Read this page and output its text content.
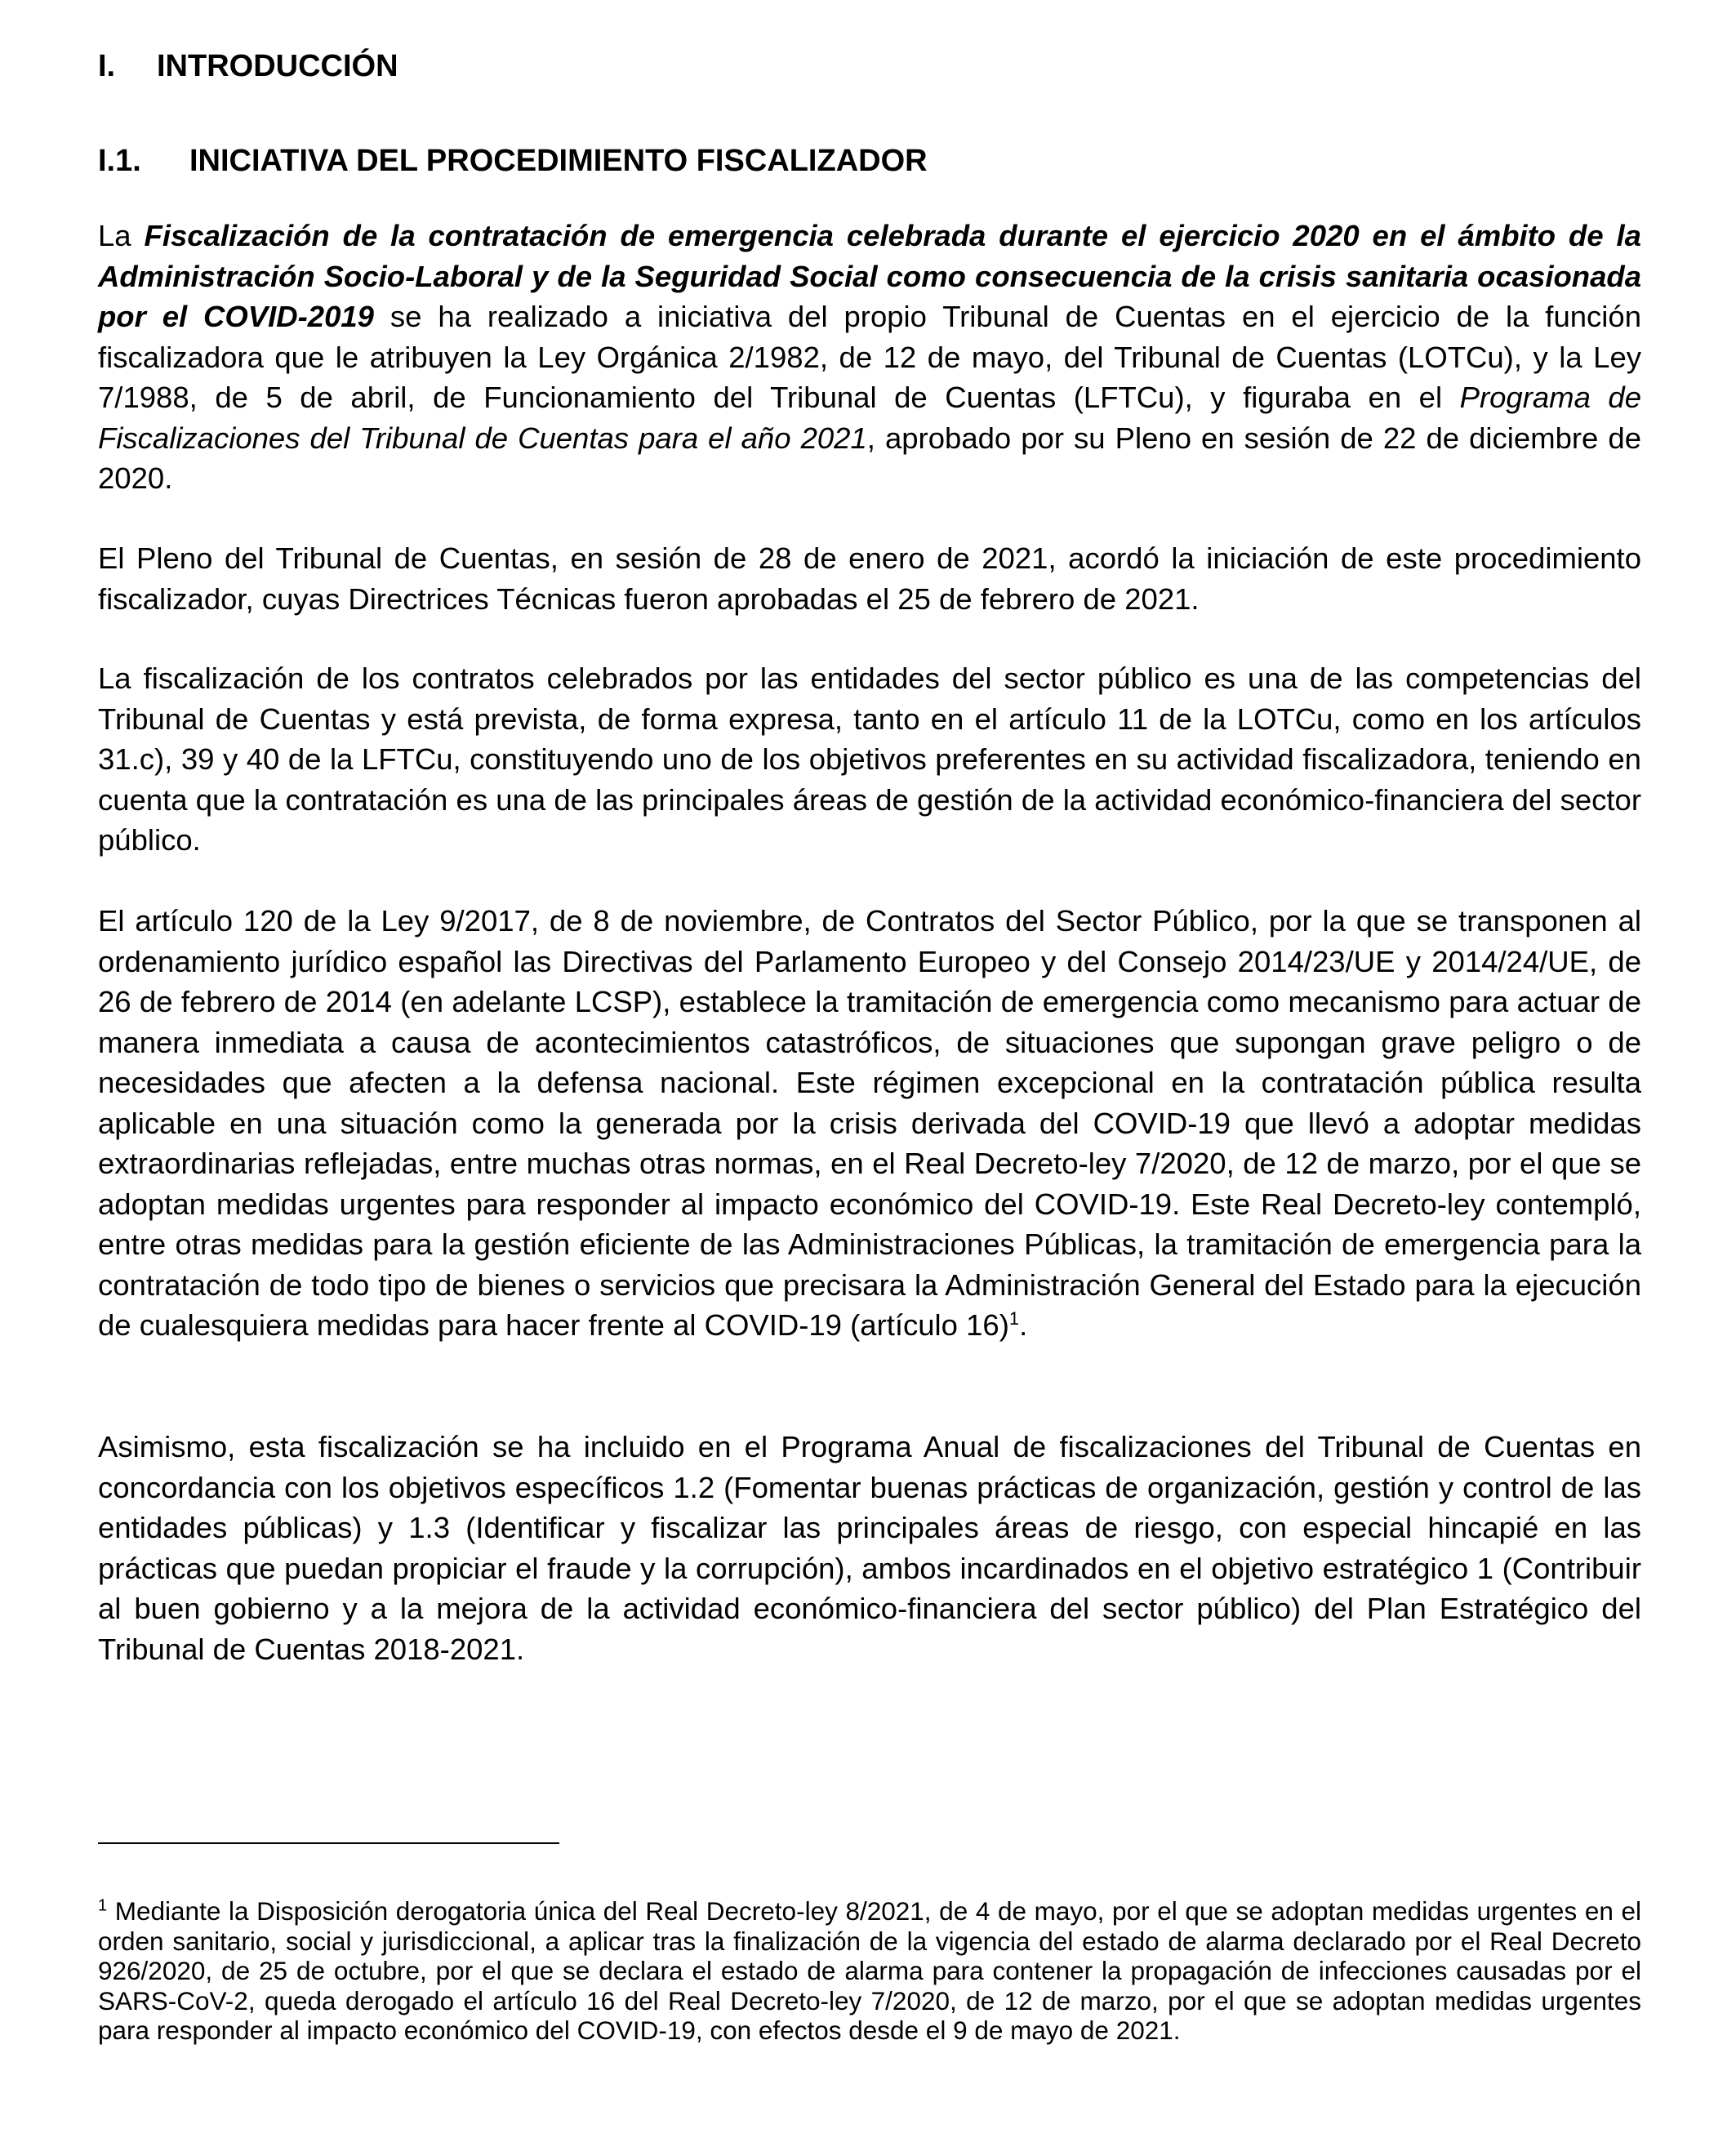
I. INTRODUCCIÓN
I.1. INICIATIVA DEL PROCEDIMIENTO FISCALIZADOR

La Fiscalización de la contratación de emergencia celebrada durante el ejercicio 2020 en el ámbito de la Administración Socio-Laboral y de la Seguridad Social como consecuencia de la crisis sanitaria ocasionada por el COVID-2019 se ha realizado a iniciativa del propio Tribunal de Cuentas en el ejercicio de la función fiscalizadora que le atribuyen la Ley Orgánica 2/1982, de 12 de mayo, del Tribunal de Cuentas (LOTCu), y la Ley 7/1988, de 5 de abril, de Funcionamiento del Tribunal de Cuentas (LFTCu), y figuraba en el Programa de Fiscalizaciones del Tribunal de Cuentas para el año 2021, aprobado por su Pleno en sesión de 22 de diciembre de 2020.

El Pleno del Tribunal de Cuentas, en sesión de 28 de enero de 2021, acordó la iniciación de este procedimiento fiscalizador, cuyas Directrices Técnicas fueron aprobadas el 25 de febrero de 2021.

La fiscalización de los contratos celebrados por las entidades del sector público es una de las competencias del Tribunal de Cuentas y está prevista, de forma expresa, tanto en el artículo 11 de la LOTCu, como en los artículos 31.c), 39 y 40 de la LFTCu, constituyendo uno de los objetivos preferentes en su actividad fiscalizadora, teniendo en cuenta que la contratación es una de las principales áreas de gestión de la actividad económico-financiera del sector público.

El artículo 120 de la Ley 9/2017, de 8 de noviembre, de Contratos del Sector Público, por la que se transponen al ordenamiento jurídico español las Directivas del Parlamento Europeo y del Consejo 2014/23/UE y 2014/24/UE, de 26 de febrero de 2014 (en adelante LCSP), establece la tramitación de emergencia como mecanismo para actuar de manera inmediata a causa de acontecimientos catastróficos, de situaciones que supongan grave peligro o de necesidades que afecten a la defensa nacional. Este régimen excepcional en la contratación pública resulta aplicable en una situación como la generada por la crisis derivada del COVID-19 que llevó a adoptar medidas extraordinarias reflejadas, entre muchas otras normas, en el Real Decreto-ley 7/2020, de 12 de marzo, por el que se adoptan medidas urgentes para responder al impacto económico del COVID-19. Este Real Decreto-ley contempló, entre otras medidas para la gestión eficiente de las Administraciones Públicas, la tramitación de emergencia para la contratación de todo tipo de bienes o servicios que precisara la Administración General del Estado para la ejecución de cualesquiera medidas para hacer frente al COVID-19 (artículo 16)$^1$.

Asimismo, esta fiscalización se ha incluido en el Programa Anual de fiscalizaciones del Tribunal de Cuentas en concordancia con los objetivos específicos 1.2 (Fomentar buenas prácticas de organización, gestión y control de las entidades públicas) y 1.3 (Identificar y fiscalizar las principales áreas de riesgo, con especial hincapié en las prácticas que puedan propiciar el fraude y la corrupción), ambos incardinados en el objetivo estratégico 1 (Contribuir al buen gobierno y a la mejora de la actividad económico-financiera del sector público) del Plan Estratégico del Tribunal de Cuentas 2018-2021.

$^1$ Mediante la Disposición derogatoria única del Real Decreto-ley 8/2021, de 4 de mayo, por el que se adoptan medidas urgentes en el orden sanitario, social y jurisdiccional, a aplicar tras la finalización de la vigencia del estado de alarma declarado por el Real Decreto 926/2020, de 25 de octubre, por el que se declara el estado de alarma para contener la propagación de infecciones causadas por el SARS-CoV-2, queda derogado el artículo 16 del Real Decreto-ley 7/2020, de 12 de marzo, por el que se adoptan medidas urgentes para responder al impacto económico del COVID-19, con efectos desde el 9 de mayo de 2021.
